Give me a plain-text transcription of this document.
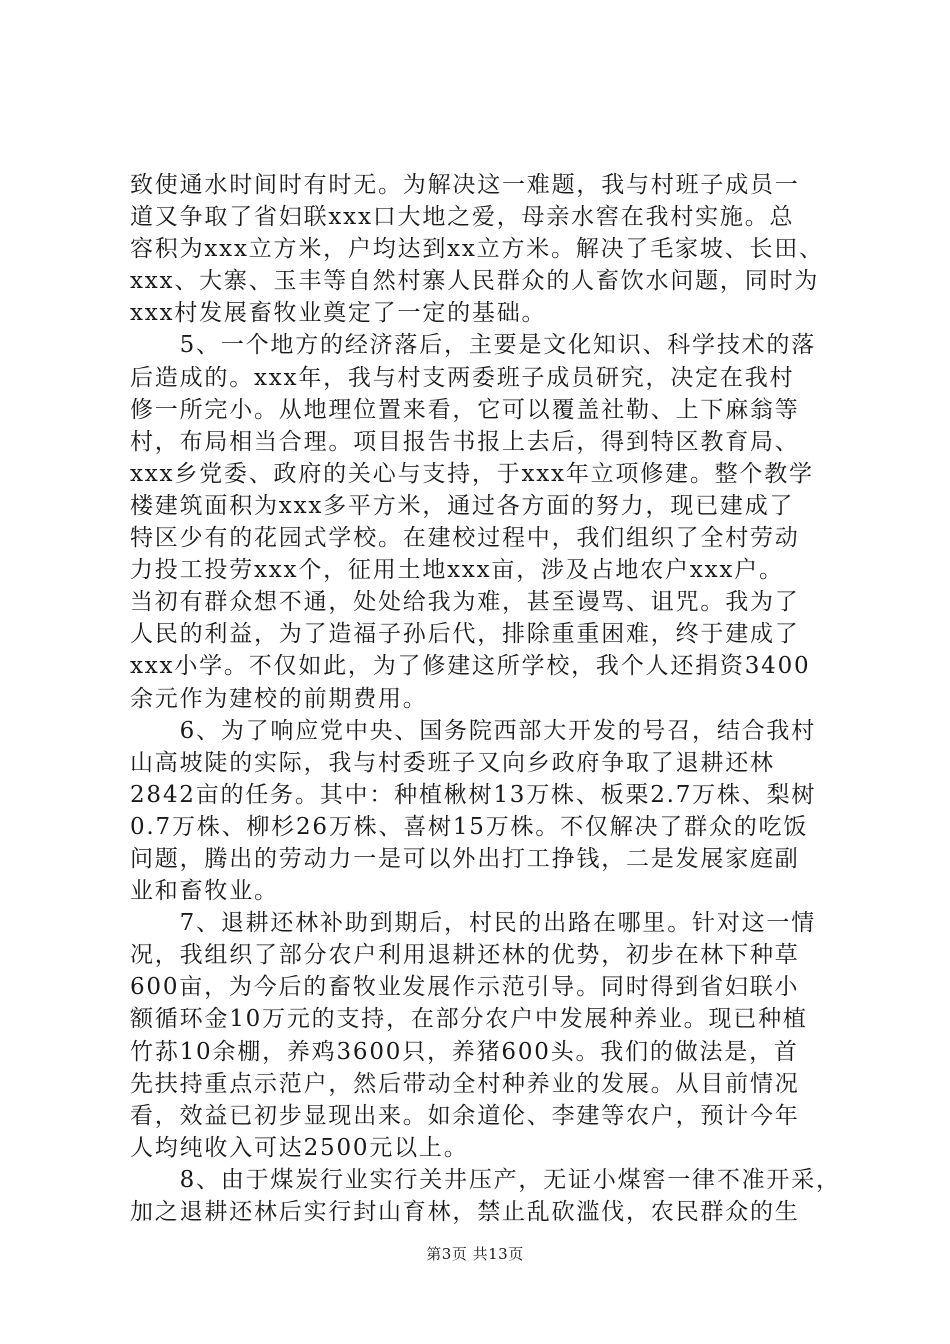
致使通水时间时有时无。为解决这一难题，我与村班子成员一
道又争取了省妇联xxx口大地之爱，母亲水窖在我村实施。总
容积为xxx立方米，户均达到xx立方米。解决了毛家坡、长田、
xxx、大寨、玉丰等自然村寨人民群众的人畜饮水问题，同时为
xxx村发展畜牧业奠定了一定的基础。
　　5、一个地方的经济落后，主要是文化知识、科学技术的落
后造成的。xxx年，我与村支两委班子成员研究，决定在我村
修一所完小。从地理位置来看，它可以覆盖社勒、上下麻翁等
村，布局相当合理。项目报告书报上去后，得到特区教育局、
xxx乡党委、政府的关心与支持，于xxx年立项修建。整个教学
楼建筑面积为xxx多平方米，通过各方面的努力，现已建成了
特区少有的花园式学校。在建校过程中，我们组织了全村劳动
力投工投劳xxx个，征用土地xxx亩，涉及占地农户xxx户。
当初有群众想不通，处处给我为难，甚至谩骂、诅咒。我为了
人民的利益，为了造福子孙后代，排除重重困难，终于建成了
xxx小学。不仅如此，为了修建这所学校，我个人还捐资3400
余元作为建校的前期费用。
　　6、为了响应党中央、国务院西部大开发的号召，结合我村
山高坡陡的实际，我与村委班子又向乡政府争取了退耕还林
2842亩的任务。其中：种植楸树13万株、板栗2.7万株、梨树
0.7万株、柳杉26万株、喜树15万株。不仅解决了群众的吃饭
问题，腾出的劳动力一是可以外出打工挣钱，二是发展家庭副
业和畜牧业。
　　7、退耕还林补助到期后，村民的出路在哪里。针对这一情
况，我组织了部分农户利用退耕还林的优势，初步在林下种草
600亩，为今后的畜牧业发展作示范引导。同时得到省妇联小
额循环金10万元的支持，在部分农户中发展种养业。现已种植
竹荪10余棚，养鸡3600只，养猪600头。我们的做法是，首
先扶持重点示范户，然后带动全村种养业的发展。从目前情况
看，效益已初步显现出来。如余道伦、李建等农户，预计今年
人均纯收入可达2500元以上。
　　8、由于煤炭行业实行关井压产，无证小煤窖一律不准开采，
加之退耕还林后实行封山育林，禁止乱砍滥伐，农民群众的生
第3页 共13页
